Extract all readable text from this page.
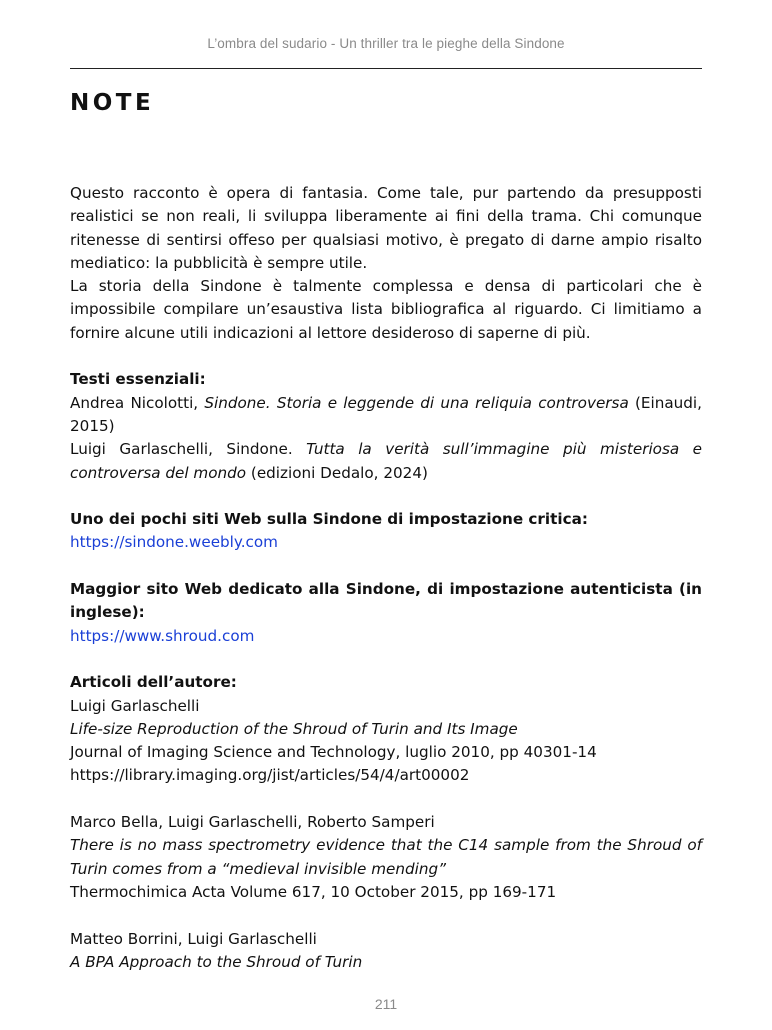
L’ombra del sudario - Un thriller tra le pieghe della Sindone
NOTE

Questo racconto è opera di fantasia. Come tale, pur partendo da presupposti realistici se non reali, li sviluppa liberamente ai fini della trama. Chi comunque ritenesse di sentirsi offeso per qualsiasi motivo, è pregato di darne ampio risalto mediatico: la pubblicità è sempre utile.

La storia della Sindone è talmente complessa e densa di particolari che è impossibile compilare un’esaustiva lista bibliografica al riguardo. Ci limitiamo a fornire alcune utili indicazioni al lettore desideroso di saperne di più.

Testi essenziali:

Andrea Nicolotti, Sindone. Storia e leggende di una reliquia controversa (Einaudi, 2015)

Luigi Garlaschelli, Sindone. Tutta la verità sull’immagine più misteriosa e controversa del mondo (edizioni Dedalo, 2024)

Uno dei pochi siti Web sulla Sindone di impostazione critica:

https://sindone.weebly.com

Maggior sito Web dedicato alla Sindone, di impostazione autenticista (in inglese):

https://www.shroud.com

Articoli dell’autore:

Luigi Garlaschelli

Life-size Reproduction of the Shroud of Turin and Its Image

Journal of Imaging Science and Technology, luglio 2010, pp 40301-14

https://library.imaging.org/jist/articles/54/4/art00002

Marco Bella, Luigi Garlaschelli, Roberto Samperi

There is no mass spectrometry evidence that the C14 sample from the Shroud of Turin comes from a “medieval invisible mending”

Thermochimica Acta Volume 617, 10 October 2015, pp 169-171

Matteo Borrini, Luigi Garlaschelli

A BPA Approach to the Shroud of Turin

211
